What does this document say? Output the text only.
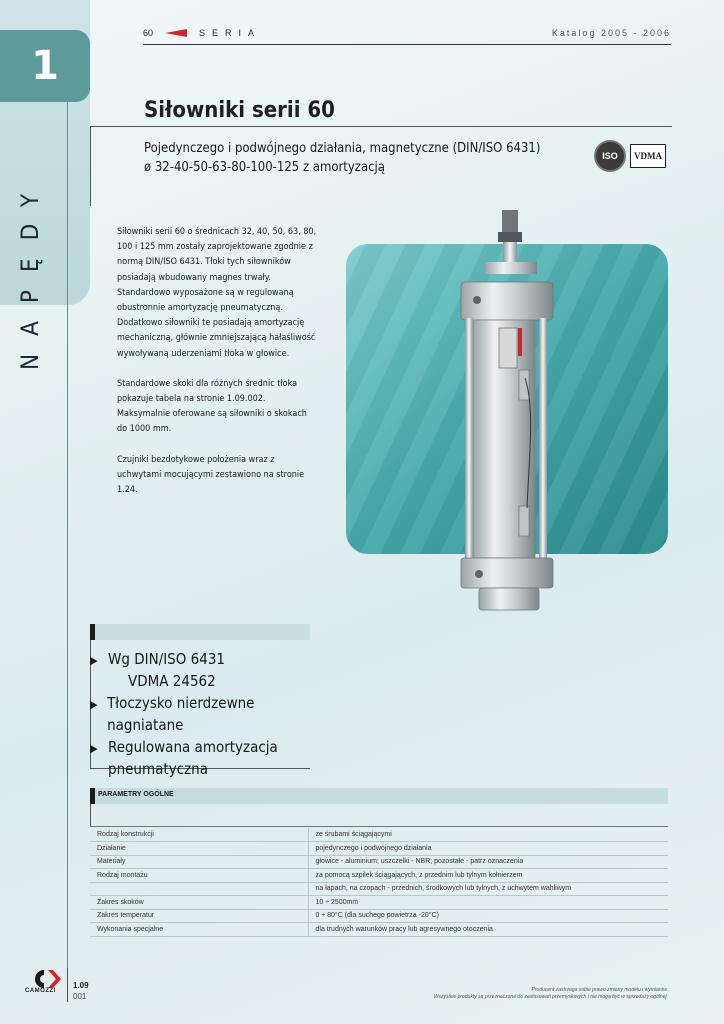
1
NAPĘDY
60	SERIA	Katalog 2005 - 2006
Siłowniki serii 60
Pojedynczego i podwójnego działania, magnetyczne (DIN/ISO 6431)
ø 32-40-50-63-80-100-125 z amortyzacją
ISO	VDMA

Siłowniki serii 60 o średnicach 32, 40, 50, 63, 80, 100 i 125 mm zostały zaprojektowane zgodnie z normą DIN/ISO 6431. Tłoki tych siłowników posiadają wbudowany magnes trwały. Standardowo wyposażone są w regulowaną obustronnie amortyzację pneumatyczną. Dodatkowo siłowniki te posiadają amortyzację mechaniczną, głównie zmniejszającą hałaśliwość wywoływaną uderzeniami tłoka w głowice.

Standardowe skoki dla różnych średnic tłoka pokazuje tabela na stronie 1.09.002. Maksymalnie oferowane są siłowniki o skokach do 1000 mm.

Czujniki bezdotykowe położenia wraz z uchwytami mocującymi zestawiono na stronie 1.24.

▶ Wg DIN/ISO 6431
VDMA 24562
▶ Tłoczysko nierdzewne nagniatane
▶ Regulowana amortyzacja
pneumatyczna
PARAMETRY OGÓLNE
Rodzaj konstrukcji	ze śrubami ściągającymi
Działanie	pojedynczego i podwójnego działania
Materiały	głowice - aluminium; uszczelki - NBR; pozostałe - patrz oznaczenia
Rodzaj montażu	za pomocą szpilek ściągających, z przednim lub tylnym kołnierzem
	na łapach, na czopach - przednich, środkowych lub tylnych, z uchwytem wahliwym
Zakres skoków	10 ÷ 2500mm
Zakres temperatur	0 ÷ 80°C (dla suchego powietrza -20°C)
Wykonania specjalne	dla trudnych warunków pracy lub agresywnego otoczenia
CAMOZZI
1.09
001
Producent zastrzega sobie prawo zmiany modelu i wymiarów.
Wszystkie produkty są przeznaczone do zastosowań przemysłowych i nie mogą być w sprzedaży ogólnej.
